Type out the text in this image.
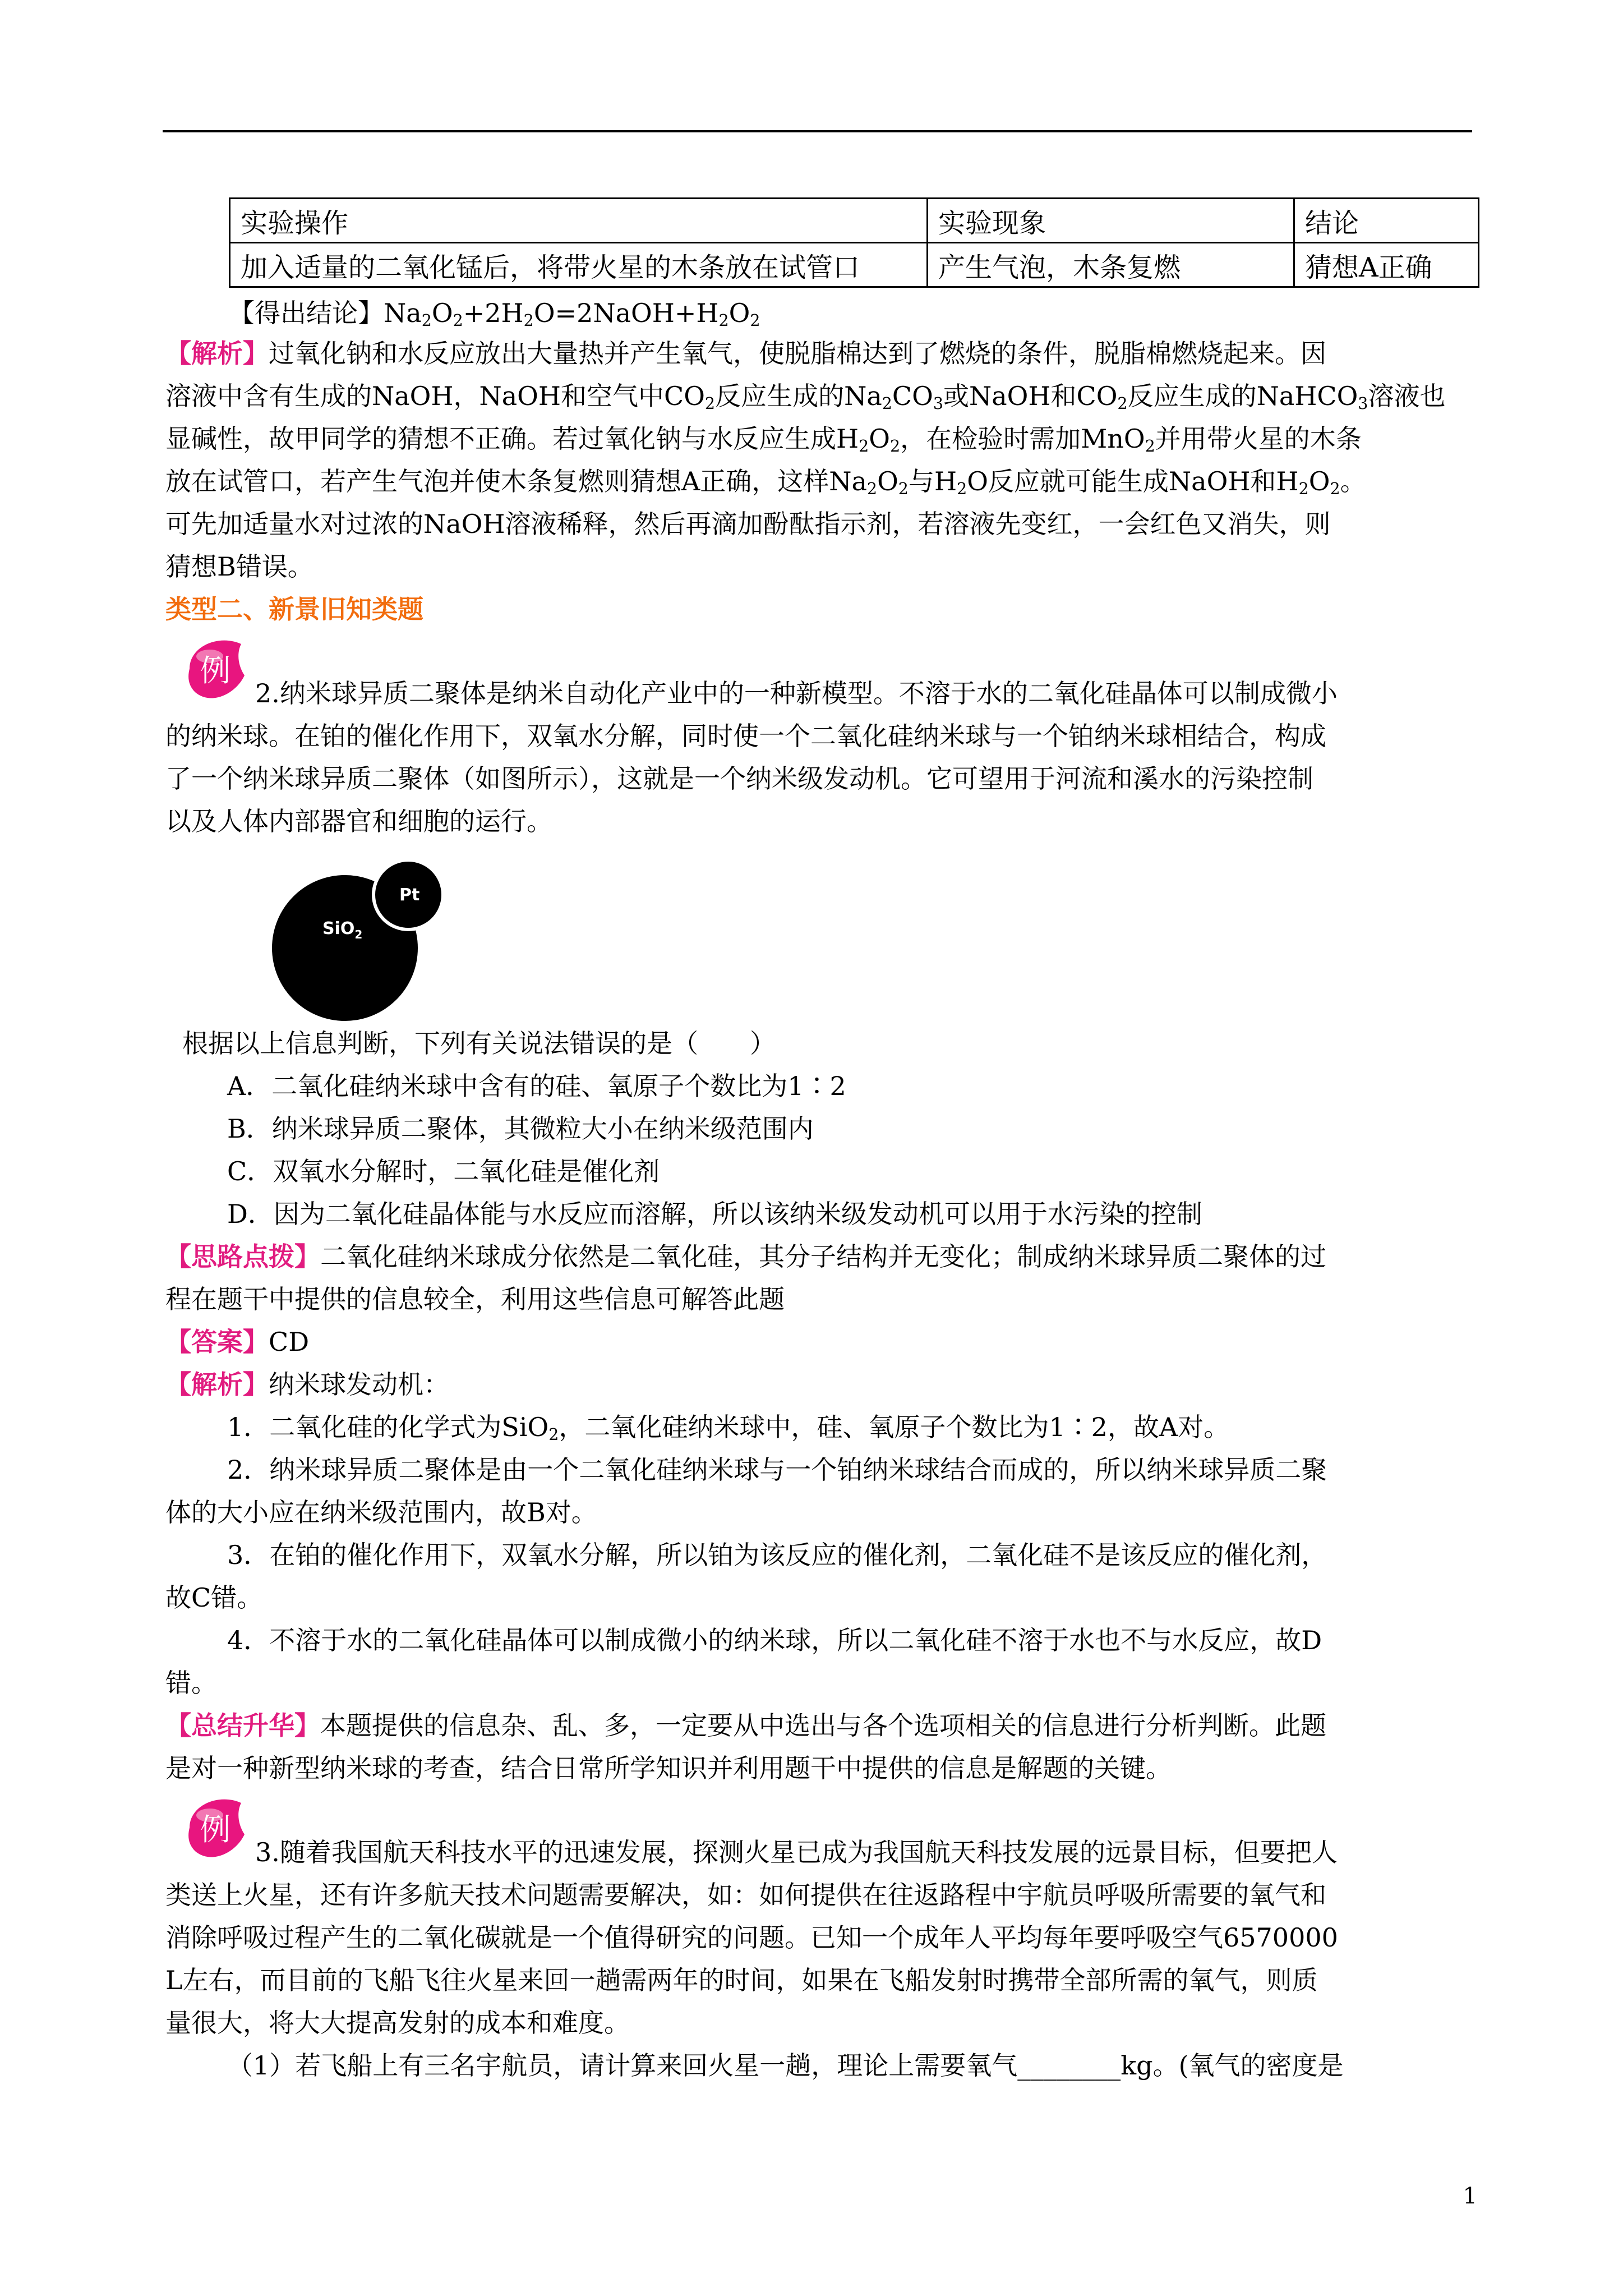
实验操作	实验现象	结论
加入适量的二氧化锰后，将带火星的木条放在试管口	产生气泡，木条复燃	猜想A正确
【得出结论】$Na_2O_2+2H_2O=2NaOH+H_2O_2$
【解析】过氧化钠和水反应放出大量热并产生氧气，使脱脂棉达到了燃烧的条件，脱脂棉燃烧起来。因
溶液中含有生成的NaOH，NaOH和空气中$CO_2$反应生成的$Na_2CO_3$或NaOH和$CO_2$反应生成的NaHCO$_3$溶液也
显碱性，故甲同学的猜想不正确。若过氧化钠与水反应生成$H_2O_2$，在检验时需加MnO$_2$并用带火星的木条
放在试管口，若产生气泡并使木条复燃则猜想A正确，这样$Na_2O_2$与$H_2O$反应就可能生成NaOH和$H_2O_2$。
可先加适量水对过浓的NaOH溶液稀释，然后再滴加酚酞指示剂，若溶液先变红，一会红色又消失，则
猜想B错误。
类型二、新景旧知类题
例
2.纳米球异质二聚体是纳米自动化产业中的一种新模型。不溶于水的二氧化硅晶体可以制成微小
的纳米球。在铂的催化作用下，双氧水分解，同时使一个二氧化硅纳米球与一个铂纳米球相结合，构成
了一个纳米球异质二聚体（如图所示），这就是一个纳米级发动机。它可望用于河流和溪水的污染控制
以及人体内部器官和细胞的运行。
Pt
SiO$_2$
根据以上信息判断，下列有关说法错误的是（　　）
A．二氧化硅纳米球中含有的硅、氧原子个数比为1∶2
B．纳米球异质二聚体，其微粒大小在纳米级范围内
C．双氧水分解时，二氧化硅是催化剂
D．因为二氧化硅晶体能与水反应而溶解，所以该纳米级发动机可以用于水污染的控制
【思路点拨】二氧化硅纳米球成分依然是二氧化硅，其分子结构并无变化；制成纳米球异质二聚体的过
程在题干中提供的信息较全，利用这些信息可解答此题
【答案】CD
【解析】纳米球发动机：
1．二氧化硅的化学式为SiO$_2$，二氧化硅纳米球中，硅、氧原子个数比为1∶2，故A对。
2．纳米球异质二聚体是由一个二氧化硅纳米球与一个铂纳米球结合而成的，所以纳米球异质二聚
体的大小应在纳米级范围内，故B对。
3．在铂的催化作用下，双氧水分解，所以铂为该反应的催化剂，二氧化硅不是该反应的催化剂，
故C错。
4．不溶于水的二氧化硅晶体可以制成微小的纳米球，所以二氧化硅不溶于水也不与水反应，故D
错。
【总结升华】本题提供的信息杂、乱、多，一定要从中选出与各个选项相关的信息进行分析判断。此题
是对一种新型纳米球的考查，结合日常所学知识并利用题干中提供的信息是解题的关键。
例
3.随着我国航天科技水平的迅速发展，探测火星已成为我国航天科技发展的远景目标，但要把人
类送上火星，还有许多航天技术问题需要解决，如：如何提供在往返路程中宇航员呼吸所需要的氧气和
消除呼吸过程产生的二氧化碳就是一个值得研究的问题。已知一个成年人平均每年要呼吸空气6570000
L左右，而目前的飞船飞往火星来回一趟需两年的时间，如果在飞船发射时携带全部所需的氧气，则质
量很大，将大大提高发射的成本和难度。
（1）若飞船上有三名宇航员，请计算来回火星一趟，理论上需要氧气________kg。(氧气的密度是
1
